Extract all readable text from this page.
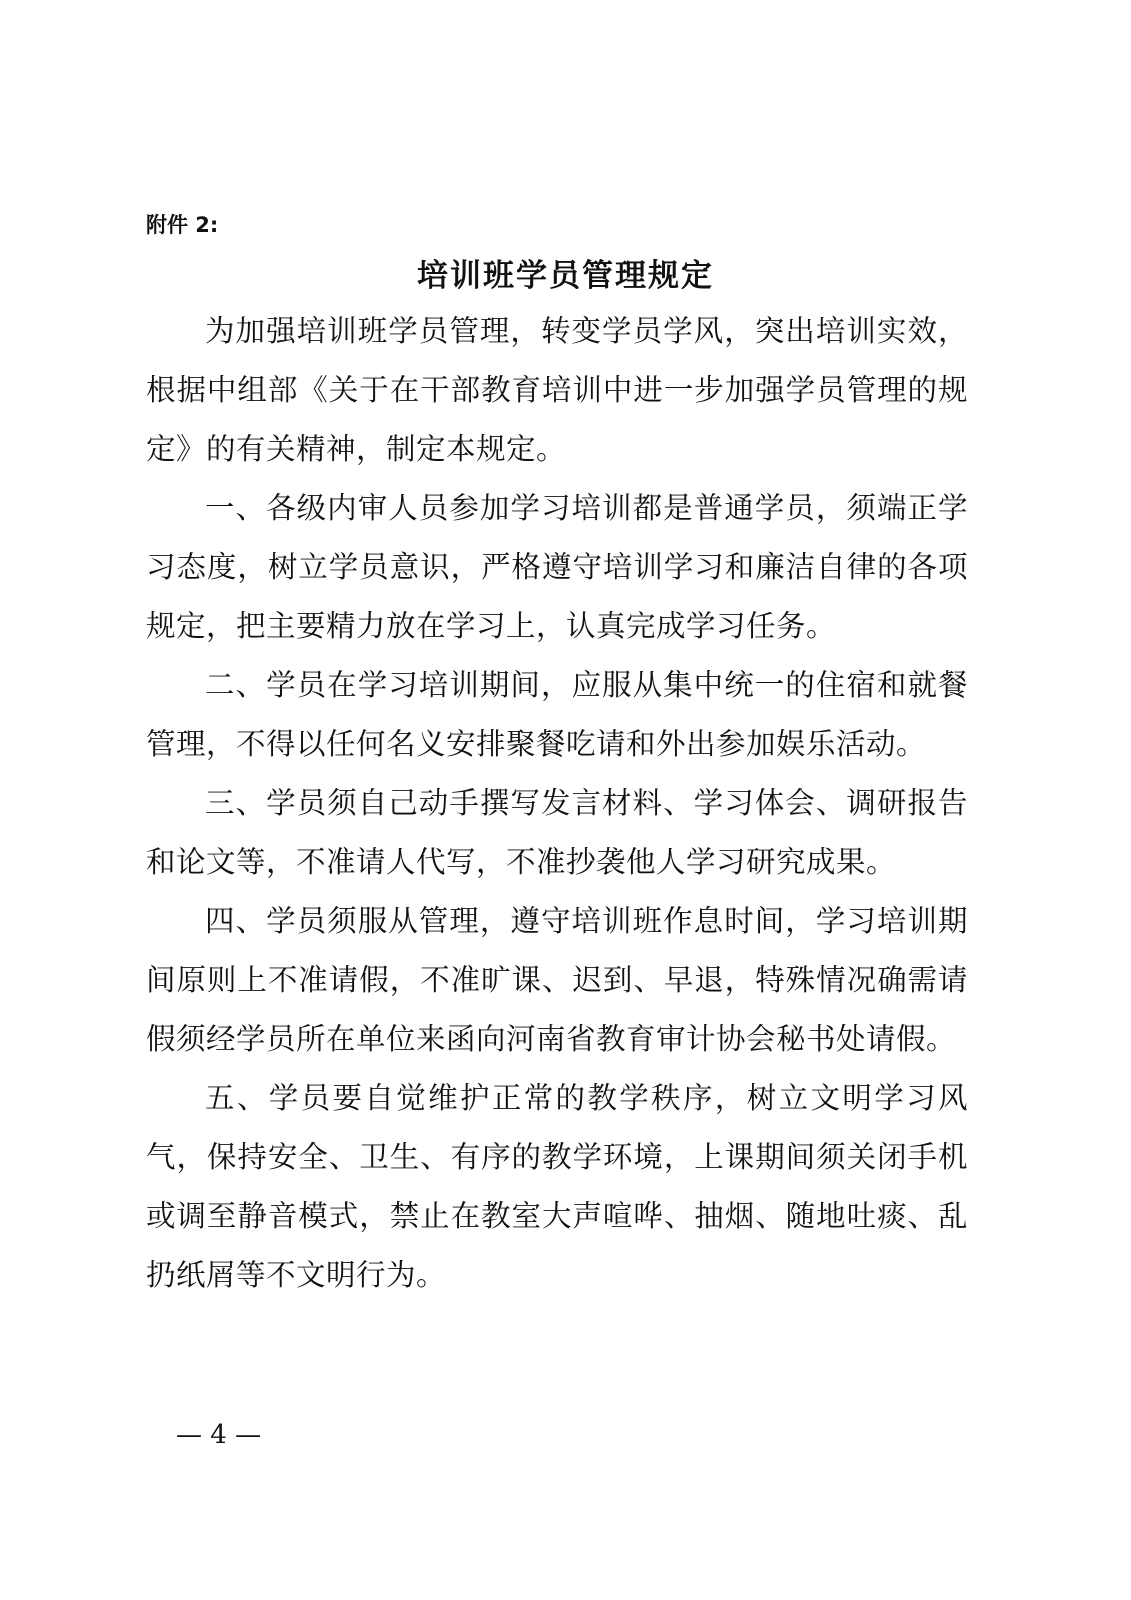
附件 2:
培训班学员管理规定

为加强培训班学员管理，转变学员学风，突出培训实效，根据中组部《关于在干部教育培训中进一步加强学员管理的规定》的有关精神，制定本规定。

一、各级内审人员参加学习培训都是普通学员，须端正学习态度，树立学员意识，严格遵守培训学习和廉洁自律的各项规定，把主要精力放在学习上，认真完成学习任务。

二、学员在学习培训期间，应服从集中统一的住宿和就餐管理，不得以任何名义安排聚餐吃请和外出参加娱乐活动。

三、学员须自己动手撰写发言材料、学习体会、调研报告和论文等，不准请人代写，不准抄袭他人学习研究成果。

四、学员须服从管理，遵守培训班作息时间，学习培训期间原则上不准请假，不准旷课、迟到、早退，特殊情况确需请假须经学员所在单位来函向河南省教育审计协会秘书处请假。

五、学员要自觉维护正常的教学秩序，树立文明学习风气，保持安全、卫生、有序的教学环境，上课期间须关闭手机或调至静音模式，禁止在教室大声喧哗、抽烟、随地吐痰、乱扔纸屑等不文明行为。

— 4 —
